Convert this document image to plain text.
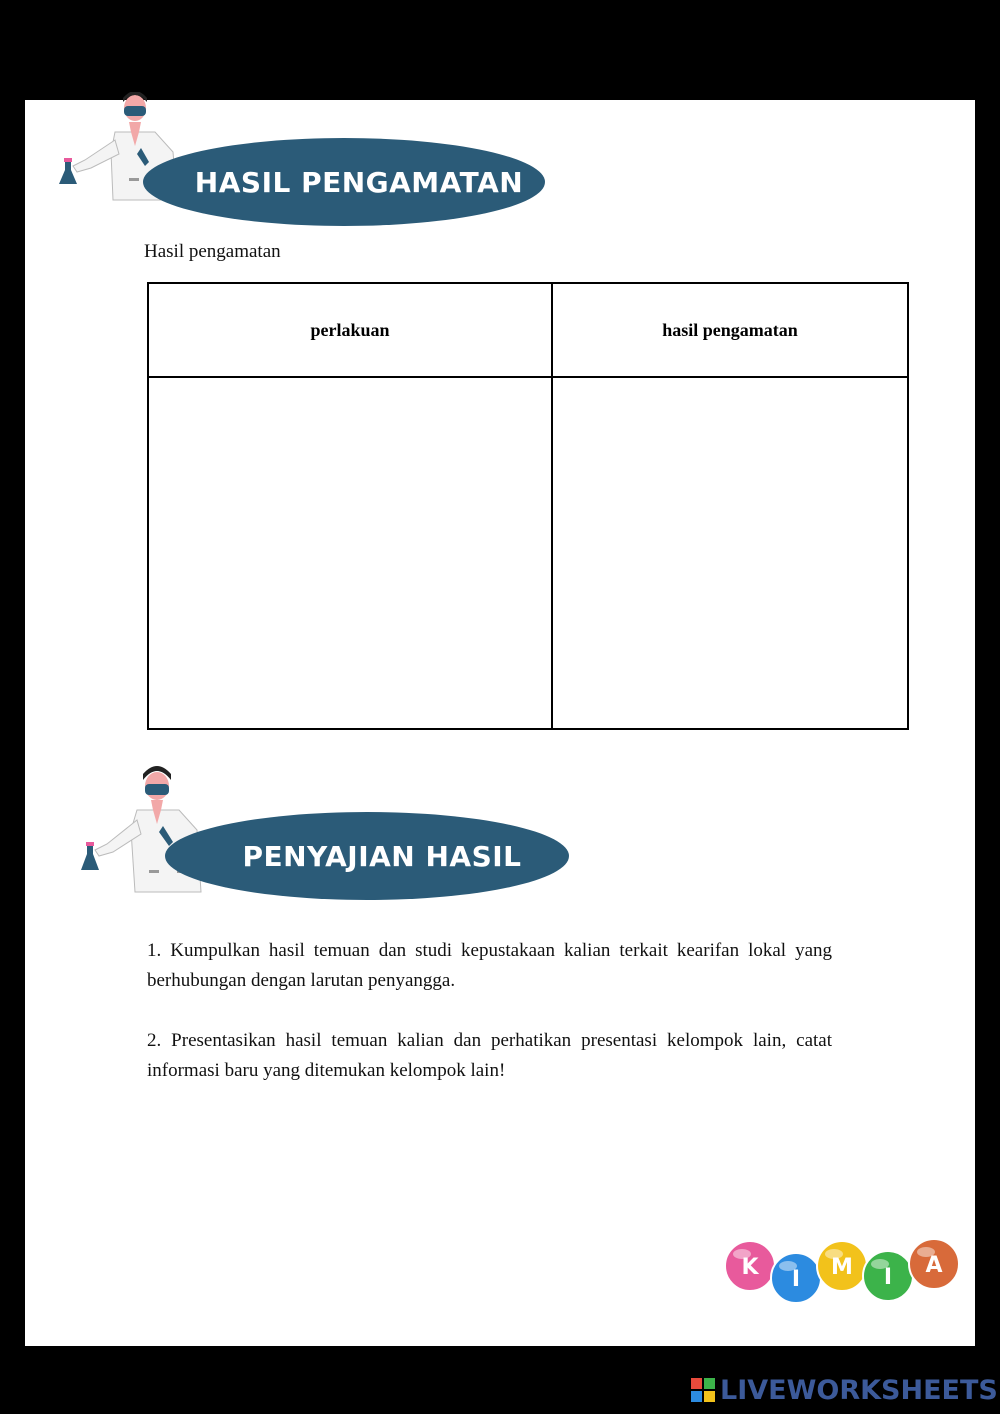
HASIL PENGAMATAN
Hasil pengamatan
perlakuan	hasil pengamatan

PENYAJIAN HASIL

1. Kumpulkan hasil temuan dan studi kepustakaan kalian terkait kearifan lokal yang berhubungan dengan larutan penyangga.

2. Presentasikan hasil temuan kalian dan perhatikan presentasi kelompok lain, catat informasi baru yang ditemukan kelompok lain!

K I M I A
LIVEWORKSHEETS
